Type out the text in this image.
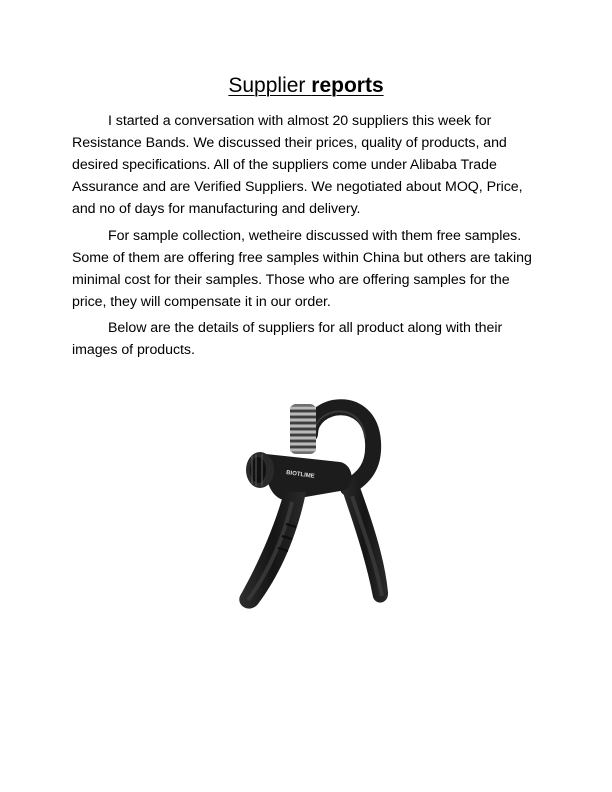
Supplier reports

I started a conversation with almost 20 suppliers this week for Resistance Bands. We discussed their prices, quality of products, and desired specifications. All of the suppliers come under Alibaba Trade Assurance and are Verified Suppliers. We negotiated about MOQ, Price, and no of days for manufacturing and delivery.

For sample collection, wetheire discussed with them free samples. Some of them are offering free samples within China but others are taking minimal cost for their samples. Those who are offering samples for the price, they will compensate it in our order.

Below are the details of suppliers for all product along with their images of products.

BIOTLIME
